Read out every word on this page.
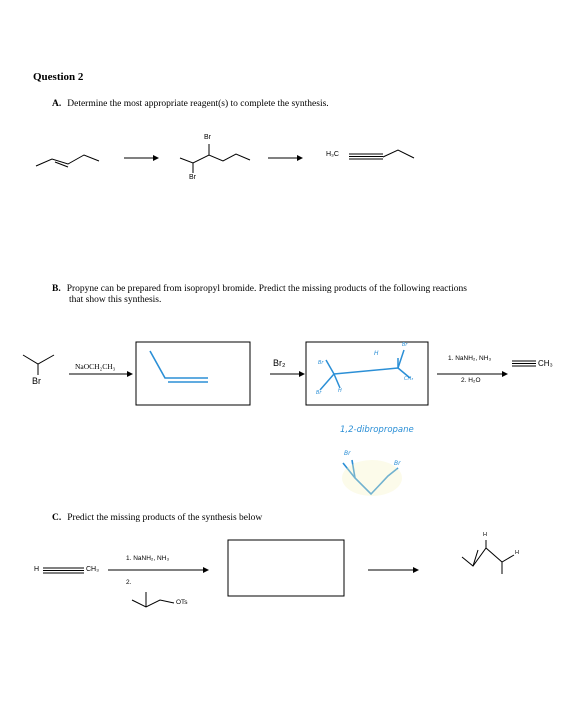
Question 2
A. Determine the most appropriate reagent(s) to complete the synthesis.
B. Propyne can be prepared from isopropyl bromide. Predict the missing products of the following reactions
that show this synthesis.
C. Predict the missing products of the synthesis below
Br
Br
H₃C
Br
NaOCH₂CH₃	Br₂	1. NaNH₂, NH₃
2. H₂O
CH₃
Br
H
Br
H
CH₃
Br
1,2-dibropropane
Br
Br
H	CH₃
1. NaNH₂, NH₃
2.
OTs
H
H
